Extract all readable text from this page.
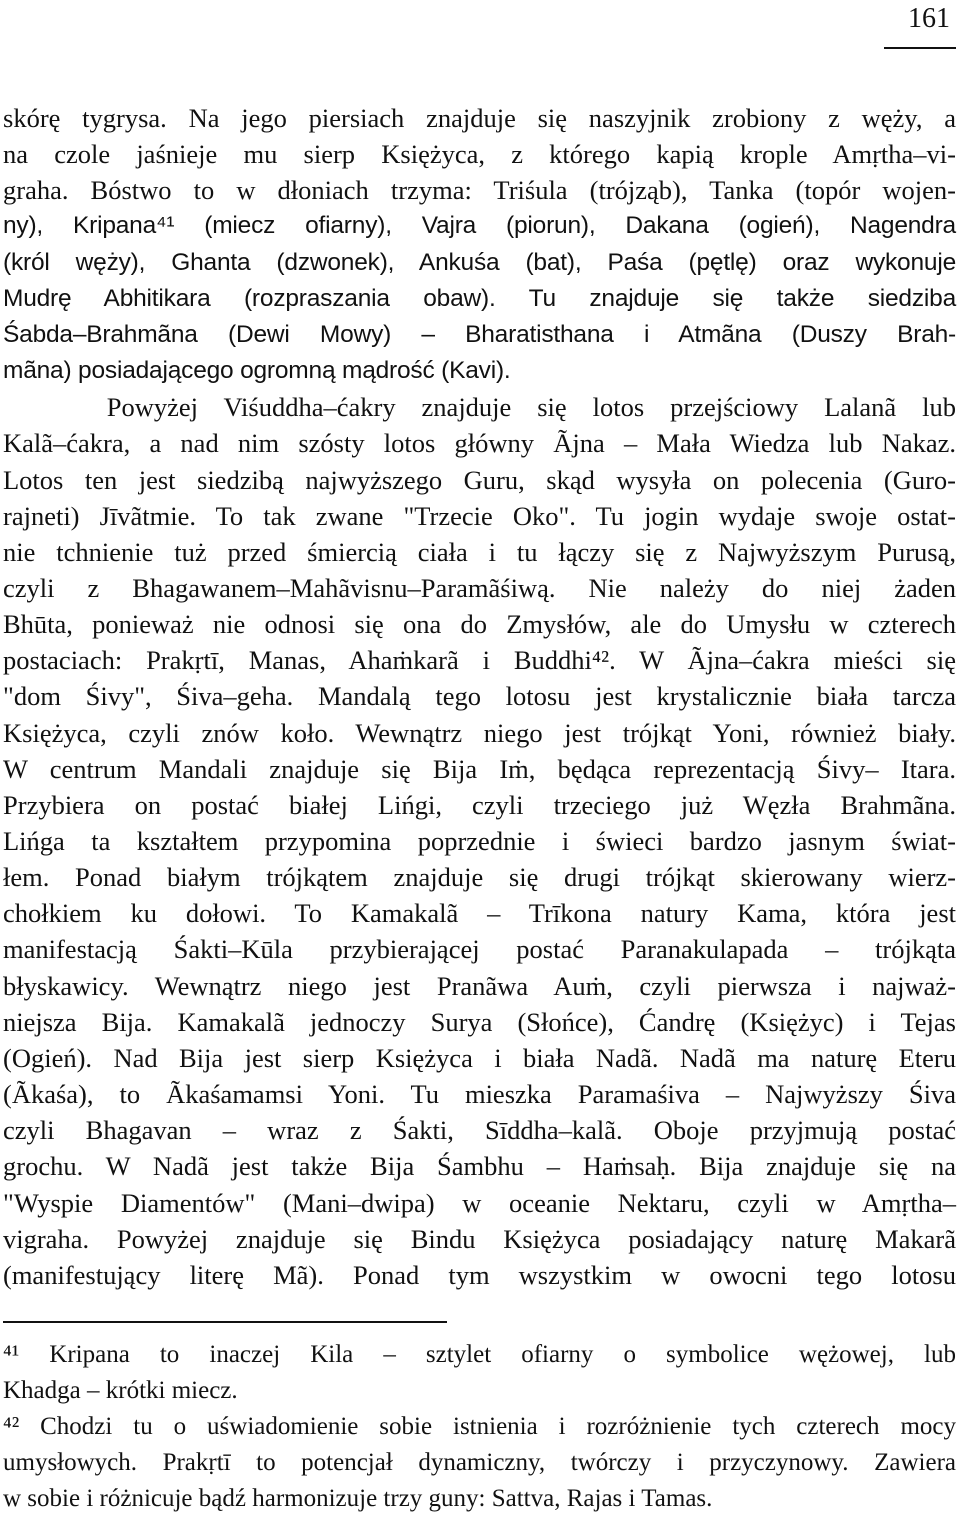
161
skórę tygrysa. Na jego piersiach znajduje się naszyjnik zrobiony z węży, a
na czole jaśnieje mu sierp Księżyca, z którego kapią krople Amṛtha–vi-
graha. Bóstwo to w dłoniach trzyma: Triśula (trójząb), Tanka (topór wojen-
ny), Kripana⁴¹ (miecz ofiarny), Vajra (piorun), Dakana (ogień), Nagendra
(król węży), Ghanta (dzwonek), Ankuśa (bat), Paśa (pętlę) oraz wykonuje
Mudrę Abhitikara (rozpraszania obaw). Tu znajduje się także siedziba
Śabda–Brahmãna (Dewi Mowy) – Bharatisthana i Atmãna (Duszy Brah-
mãna) posiadającego ogromną mądrość (Kavi).
Powyżej Viśuddha–ćakry znajduje się lotos przejściowy Lalanã lub
Kalã–ćakra, a nad nim szósty lotos główny Ãjna – Mała Wiedza lub Nakaz.
Lotos ten jest siedzibą najwyższego Guru, skąd wysyła on polecenia (Guro-
rajneti) Jīvãtmie. To tak zwane "Trzecie Oko". Tu jogin wydaje swoje ostat-
nie tchnienie tuż przed śmiercią ciała i tu łączy się z Najwyższym Purusą,
czyli z Bhagawanem–Mahãvisnu–Paramãśiwą. Nie należy do niej żaden
Bhūta, ponieważ nie odnosi się ona do Zmysłów, ale do Umysłu w czterech
postaciach: Prakṛtī, Manas, Ahaṁkarã i Buddhi⁴². W Ãjna–ćakra mieści się
"dom Śivy", Śiva–geha. Mandalą tego lotosu jest krystalicznie biała tarcza
Księżyca, czyli znów koło. Wewnątrz niego jest trójkąt Yoni, również biały.
W centrum Mandali znajduje się Bija Iṁ, będąca reprezentacją Śivy– Itara.
Przybiera on postać białej Lińgi, czyli trzeciego już Węzła Brahmãna.
Lińga ta kształtem przypomina poprzednie i świeci bardzo jasnym świat-
łem. Ponad białym trójkątem znajduje się drugi trójkąt skierowany wierz-
chołkiem ku dołowi. To Kamakalã – Trīkona natury Kama, która jest
manifestacją Śakti–Kūla przybierającej postać Paranakulapada – trójkąta
błyskawicy. Wewnątrz niego jest Pranãwa Auṁ, czyli pierwsza i najważ-
niejsza Bija. Kamakalã jednoczy Surya (Słońce), Ćandrę (Księżyc) i Tejas
(Ogień). Nad Bija jest sierp Księżyca i biała Nadã. Nadã ma naturę Eteru
(Ãkaśa), to Ãkaśamamsi Yoni. Tu mieszka Paramaśiva – Najwyższy Śiva
czyli Bhagavan – wraz z Śakti, Sīddha–kalã. Oboje przyjmują postać
grochu. W Nadã jest także Bija Śambhu – Haṁsaḥ. Bija znajduje się na
"Wyspie Diamentów" (Mani–dwipa) w oceanie Nektaru, czyli w Amṛtha–
vigraha. Powyżej znajduje się Bindu Księżyca posiadający naturę Makarã
(manifestujący literę Mã). Ponad tym wszystkim w owocni tego lotosu
⁴¹ Kripana to inaczej Kila – sztylet ofiarny o symbolice wężowej, lub
Khadga – krótki miecz.
⁴² Chodzi tu o uświadomienie sobie istnienia i rozróżnienie tych czterech mocy
umysłowych. Prakṛtī to potencjał dynamiczny, twórczy i przyczynowy. Zawiera
w sobie i różnicuje bądź harmonizuje trzy guny: Sattva, Rajas i Tamas.
